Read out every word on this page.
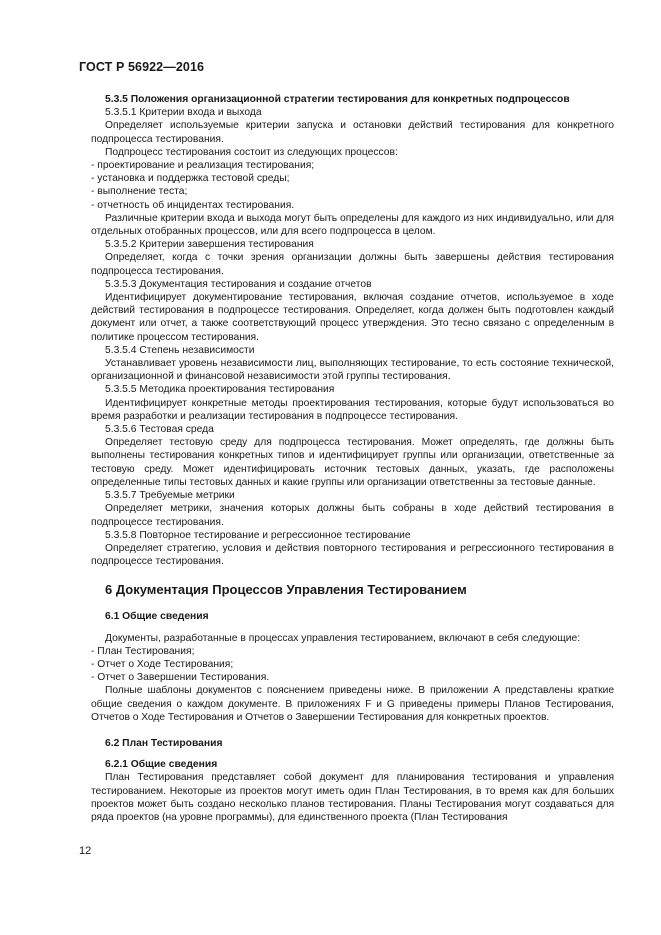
ГОСТ Р 56922—2016

5.3.5 Положения организационной стратегии тестирования для конкретных подпроцессов

5.3.5.1 Критерии входа и выхода

Определяет используемые критерии запуска и остановки действий тестирования для конкретного подпроцесса тестирования.

Подпроцесс тестирования состоит из следующих процессов:

- проектирование и реализация тестирования;

- установка и поддержка тестовой среды;

- выполнение теста;

- отчетность об инцидентах тестирования.

Различные критерии входа и выхода могут быть определены для каждого из них индивидуально, или для отдельных отобранных процессов, или для всего подпроцесса в целом.

5.3.5.2 Критерии завершения тестирования

Определяет, когда с точки зрения организации должны быть завершены действия тестирования подпроцесса тестирования.

5.3.5.3 Документация тестирования и создание отчетов

Идентифицирует документирование тестирования, включая создание отчетов, используемое в ходе действий тестирования в подпроцессе тестирования. Определяет, когда должен быть подготовлен каждый документ или отчет, а также соответствующий процесс утверждения. Это тесно связано с определенным в политике процессом тестирования.

5.3.5.4 Степень независимости

Устанавливает уровень независимости лиц, выполняющих тестирование, то есть состояние технической, организационной и финансовой независимости этой группы тестирования.

5.3.5.5 Методика проектирования тестирования

Идентифицирует конкретные методы проектирования тестирования, которые будут использоваться во время разработки и реализации тестирования в подпроцессе тестирования.

5.3.5.6 Тестовая среда

Определяет тестовую среду для подпроцесса тестирования. Может определять, где должны быть выполнены тестирования конкретных типов и идентифицирует группы или организации, ответственные за тестовую среду. Может идентифицировать источник тестовых данных, указать, где расположены определенные типы тестовых данных и какие группы или организации ответственны за тестовые данные.

5.3.5.7 Требуемые метрики

Определяет метрики, значения которых должны быть собраны в ходе действий тестирования в подпроцессе тестирования.

5.3.5.8 Повторное тестирование и регрессионное тестирование

Определяет стратегию, условия и действия повторного тестирования и регрессионного тестирования в подпроцессе тестирования.

6 Документация Процессов Управления Тестированием

6.1 Общие сведения

Документы, разработанные в процессах управления тестированием, включают в себя следующие:

- План Тестирования;

- Отчет о Ходе Тестирования;

- Отчет о Завершении Тестирования.

Полные шаблоны документов с пояснением приведены ниже. В приложении А представлены краткие общие сведения о каждом документе. В приложениях F и G приведены примеры Планов Тестирования, Отчетов о Ходе Тестирования и Отчетов о Завершении Тестирования для конкретных проектов.

6.2 План Тестирования

6.2.1 Общие сведения

План Тестирования представляет собой документ для планирования тестирования и управления тестированием. Некоторые из проектов могут иметь один План Тестирования, в то время как для больших проектов может быть создано несколько планов тестирования. Планы Тестирования могут создаваться для ряда проектов (на уровне программы), для единственного проекта (План Тестирования

12
